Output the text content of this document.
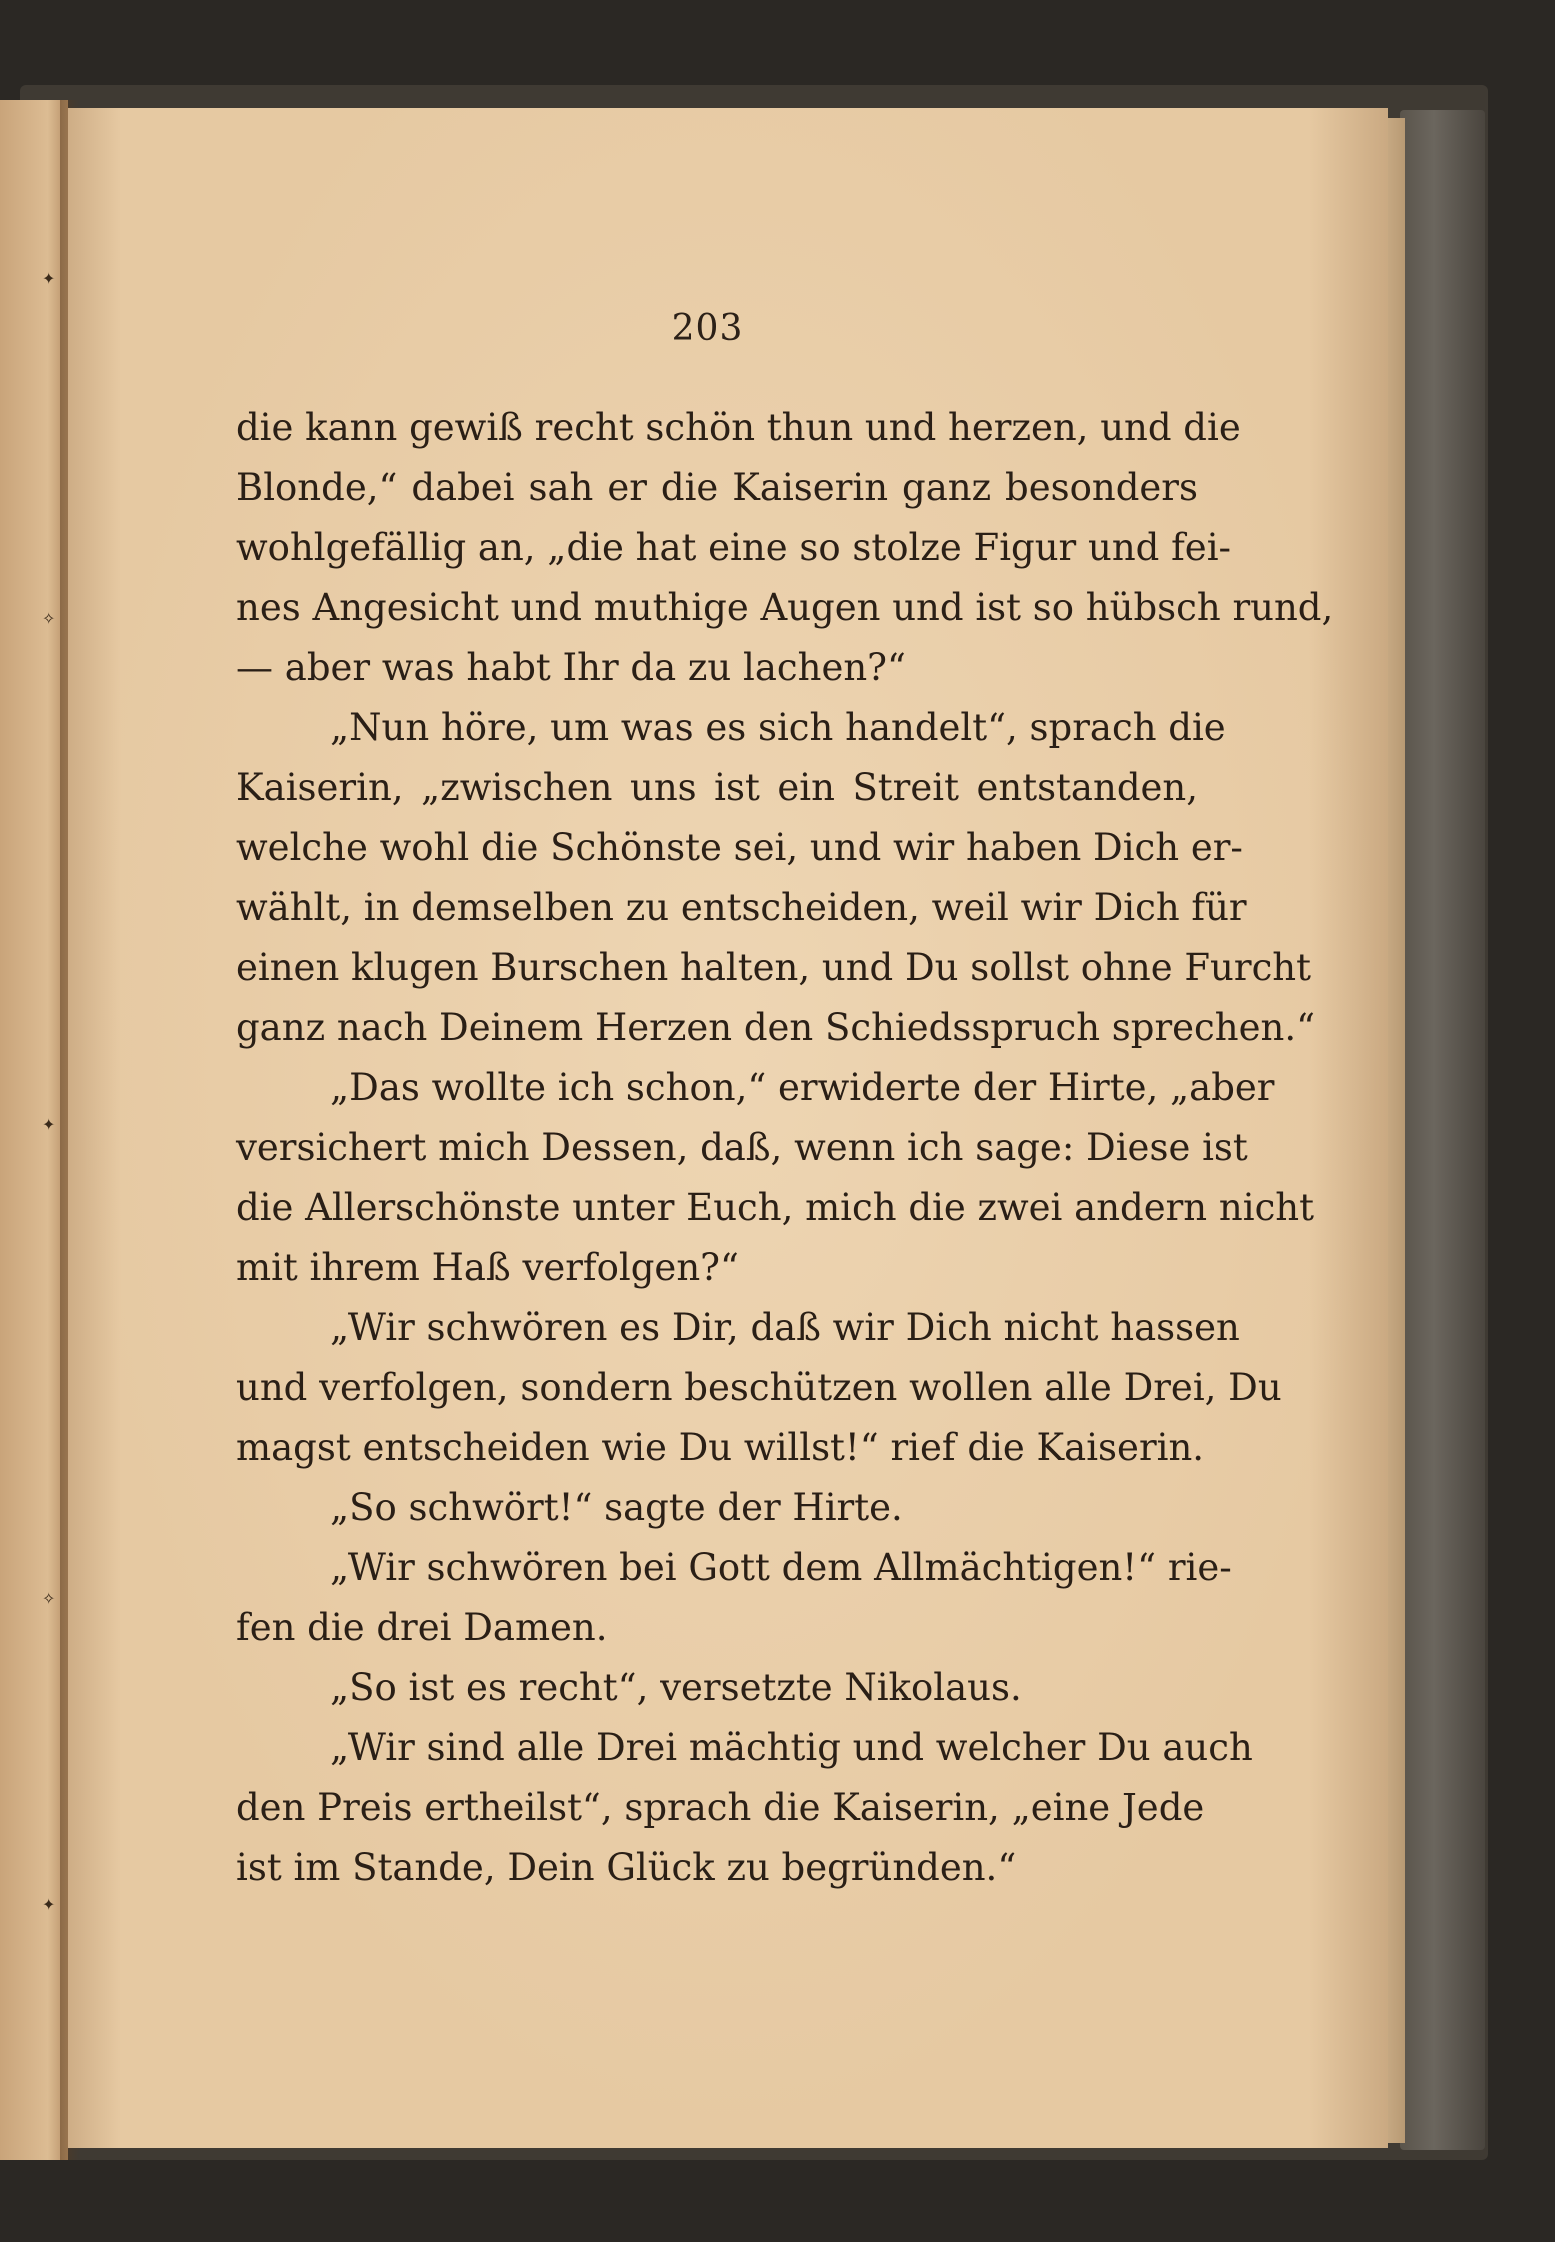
✦
✧
✦
✧
✦
203
die kann gewiß recht schön thun und herzen, und die
Blonde,“ dabei sah er die Kaiserin ganz besonders
wohlgefällig an, „die hat eine so stolze Figur und fei-
nes Angesicht und muthige Augen und ist so hübsch rund,
— aber was habt Ihr da zu lachen?“
„Nun höre, um was es sich handelt“, sprach die
Kaiserin, „zwischen uns ist ein Streit entstanden,
welche wohl die Schönste sei, und wir haben Dich er-
wählt, in demselben zu entscheiden, weil wir Dich für
einen klugen Burschen halten, und Du sollst ohne Furcht
ganz nach Deinem Herzen den Schiedsspruch sprechen.“
„Das wollte ich schon,“ erwiderte der Hirte, „aber
versichert mich Dessen, daß, wenn ich sage: Diese ist
die Allerschönste unter Euch, mich die zwei andern nicht
mit ihrem Haß verfolgen?“
„Wir schwören es Dir, daß wir Dich nicht hassen
und verfolgen, sondern beschützen wollen alle Drei, Du
magst entscheiden wie Du willst!“ rief die Kaiserin.
„So schwört!“ sagte der Hirte.
„Wir schwören bei Gott dem Allmächtigen!“ rie-
fen die drei Damen.
„So ist es recht“, versetzte Nikolaus.
„Wir sind alle Drei mächtig und welcher Du auch
den Preis ertheilst“, sprach die Kaiserin, „eine Jede
ist im Stande, Dein Glück zu begründen.“
